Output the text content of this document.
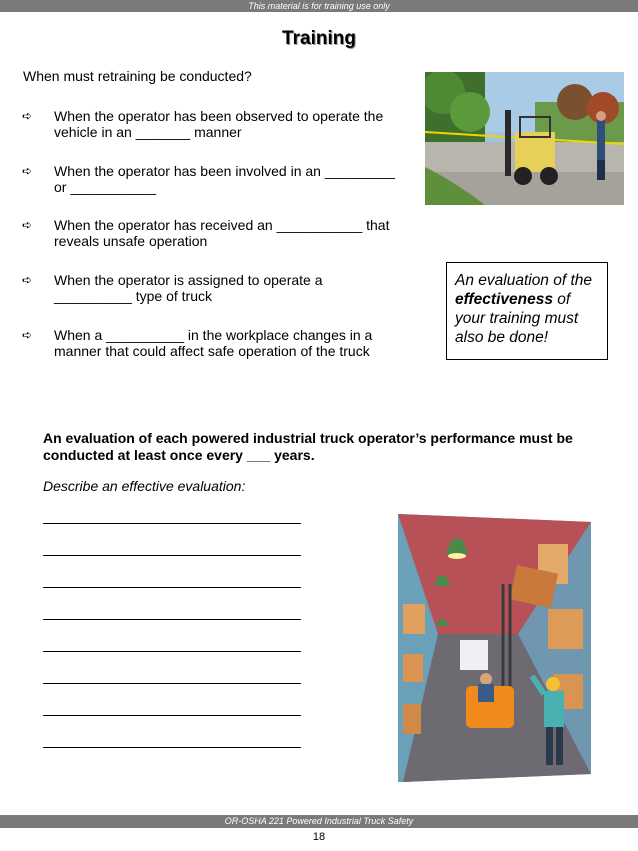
This material is for training use only
Training
When must retraining be conducted?
➪ When the operator has been observed to operate the
vehicle in an _______ manner
➪ When the operator has been involved in an _________
or ___________
➪ When the operator has received an ___________ that
reveals unsafe operation
➪ When the operator is assigned to operate a
__________ type of truck
➪ When a __________ in the workplace changes in a
manner that could affect safe operation of the truck
An evaluation of the effectiveness of your training must also be done!
An evaluation of each powered industrial truck operator’s performance must be conducted at least once every ___ years.
Describe an effective evaluation:
OR-OSHA 221 Powered Industrial Truck Safety
18
